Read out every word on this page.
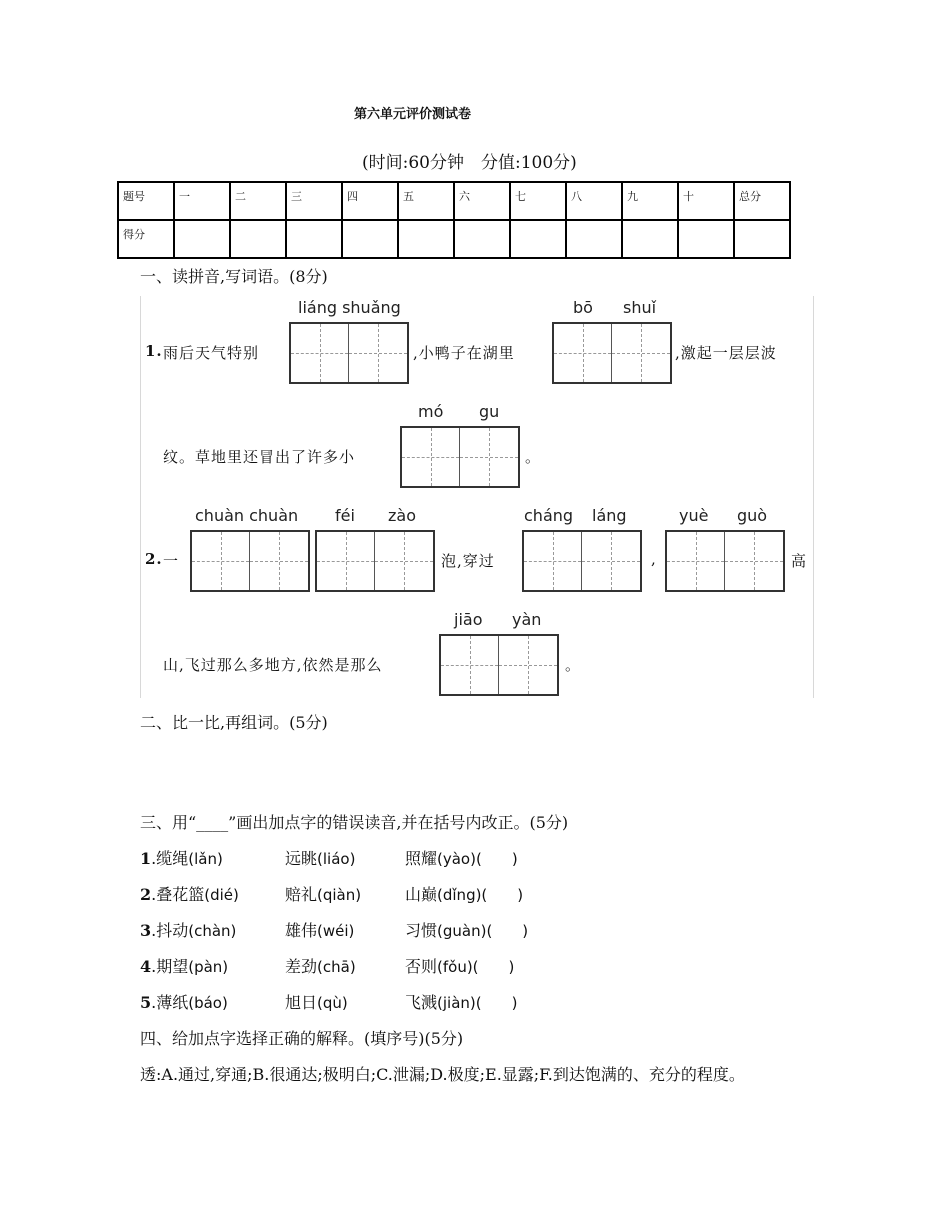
第六单元评价测试卷
(时间:60分钟　分值:100分)
题号	一	二	三	四	五	六	七	八	九	十	总分

得分											

一、读拼音,写词语。(8分)
1. 雨后天气特别
liáng shuǎng
,小鸭子在湖里
bō shuǐ
,激起一层层波
纹。草地里还冒出了许多小
mó gu
。
2. 一
chuàn chuàn féi zào
泡,穿过
cháng láng
,
yuè guò
高
山,飞过那么多地方,依然是那么
jiāo yàn
。
二、比一比,再组词。(5分)
三、用“____”画出加点字的错误读音,并在括号内改正。(5分)
1.缆绳(lǎn)	远眺(liáo)	照耀(yào)(　　)
2.叠花篮(dié)	赔礼(qiàn)	山巅(dǐng)(　　)
3.抖动(chàn)	雄伟(wéi)	习惯(guàn)(　　)
4.期望(pàn)	差劲(chā)	否则(fǒu)(　　)
5.薄纸(báo)	旭日(qù)	飞溅(jiàn)(　　)
四、给加点字选择正确的解释。(填序号)(5分)
透:A.通过,穿通;B.很通达;极明白;C.泄漏;D.极度;E.显露;F.到达饱满的、充分的程度。
